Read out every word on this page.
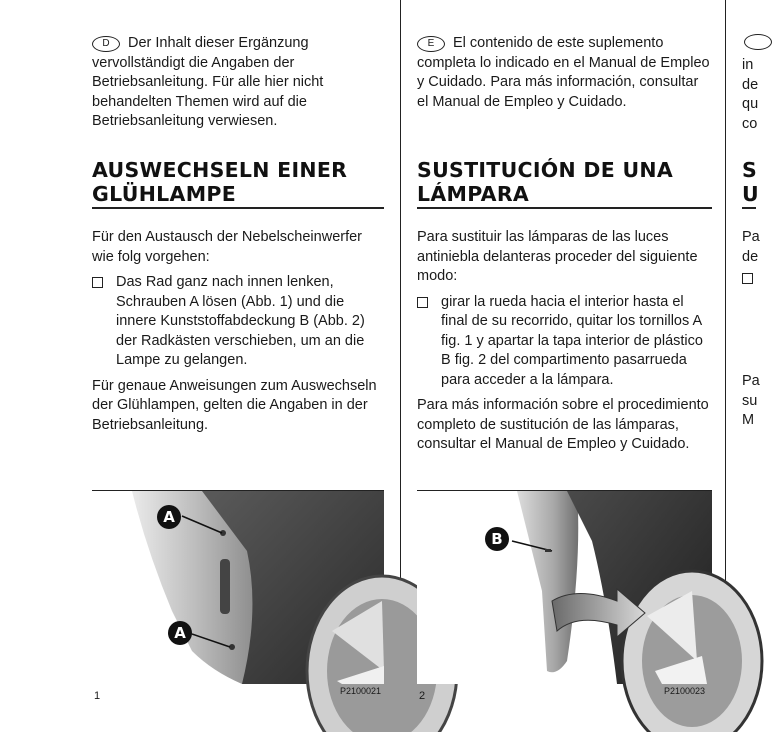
D Der Inhalt dieser Ergänzung vervollständigt die Angaben der Betriebsanleitung. Für alle hier nicht behandelten Themen wird auf die Betriebsanleitung verwiesen.

AUSWECHSELN EINER
GLÜHLAMPE

Für den Austausch der Nebelscheinwerfer wie folg vorgehen:

Das Rad ganz nach innen lenken, Schrauben A lösen (Abb. 1) und die innere Kunststoffabdeckung B (Abb. 2) der Radkästen verschieben, um an die Lampe zu gelangen.

Für genaue Anweisungen zum Auswechseln der Glühlampen, gelten die Angaben in der Betriebsanleitung.

A
A
1	P2100021

E El contenido de este suplemento completa lo indicado en el Manual de Empleo y Cuidado. Para más información, consultar el Manual de Empleo y Cuidado.

SUSTITUCIÓN DE UNA
LÁMPARA

Para sustituir las lámparas de las luces antiniebla delanteras proceder del siguiente modo:

girar la rueda hacia el interior hasta el final de su recorrido, quitar los tornillos A fig. 1 y apartar la tapa interior de plástico B fig. 2 del compartimento pasarrueda para acceder a la lámpara.

Para más información sobre el procedimiento completo de sustitución de las lámparas, consultar el Manual de Empleo y Cuidado.

B
2	P2100023
in
de
qu
co
S
U
Pa
de
Pa
su
M
